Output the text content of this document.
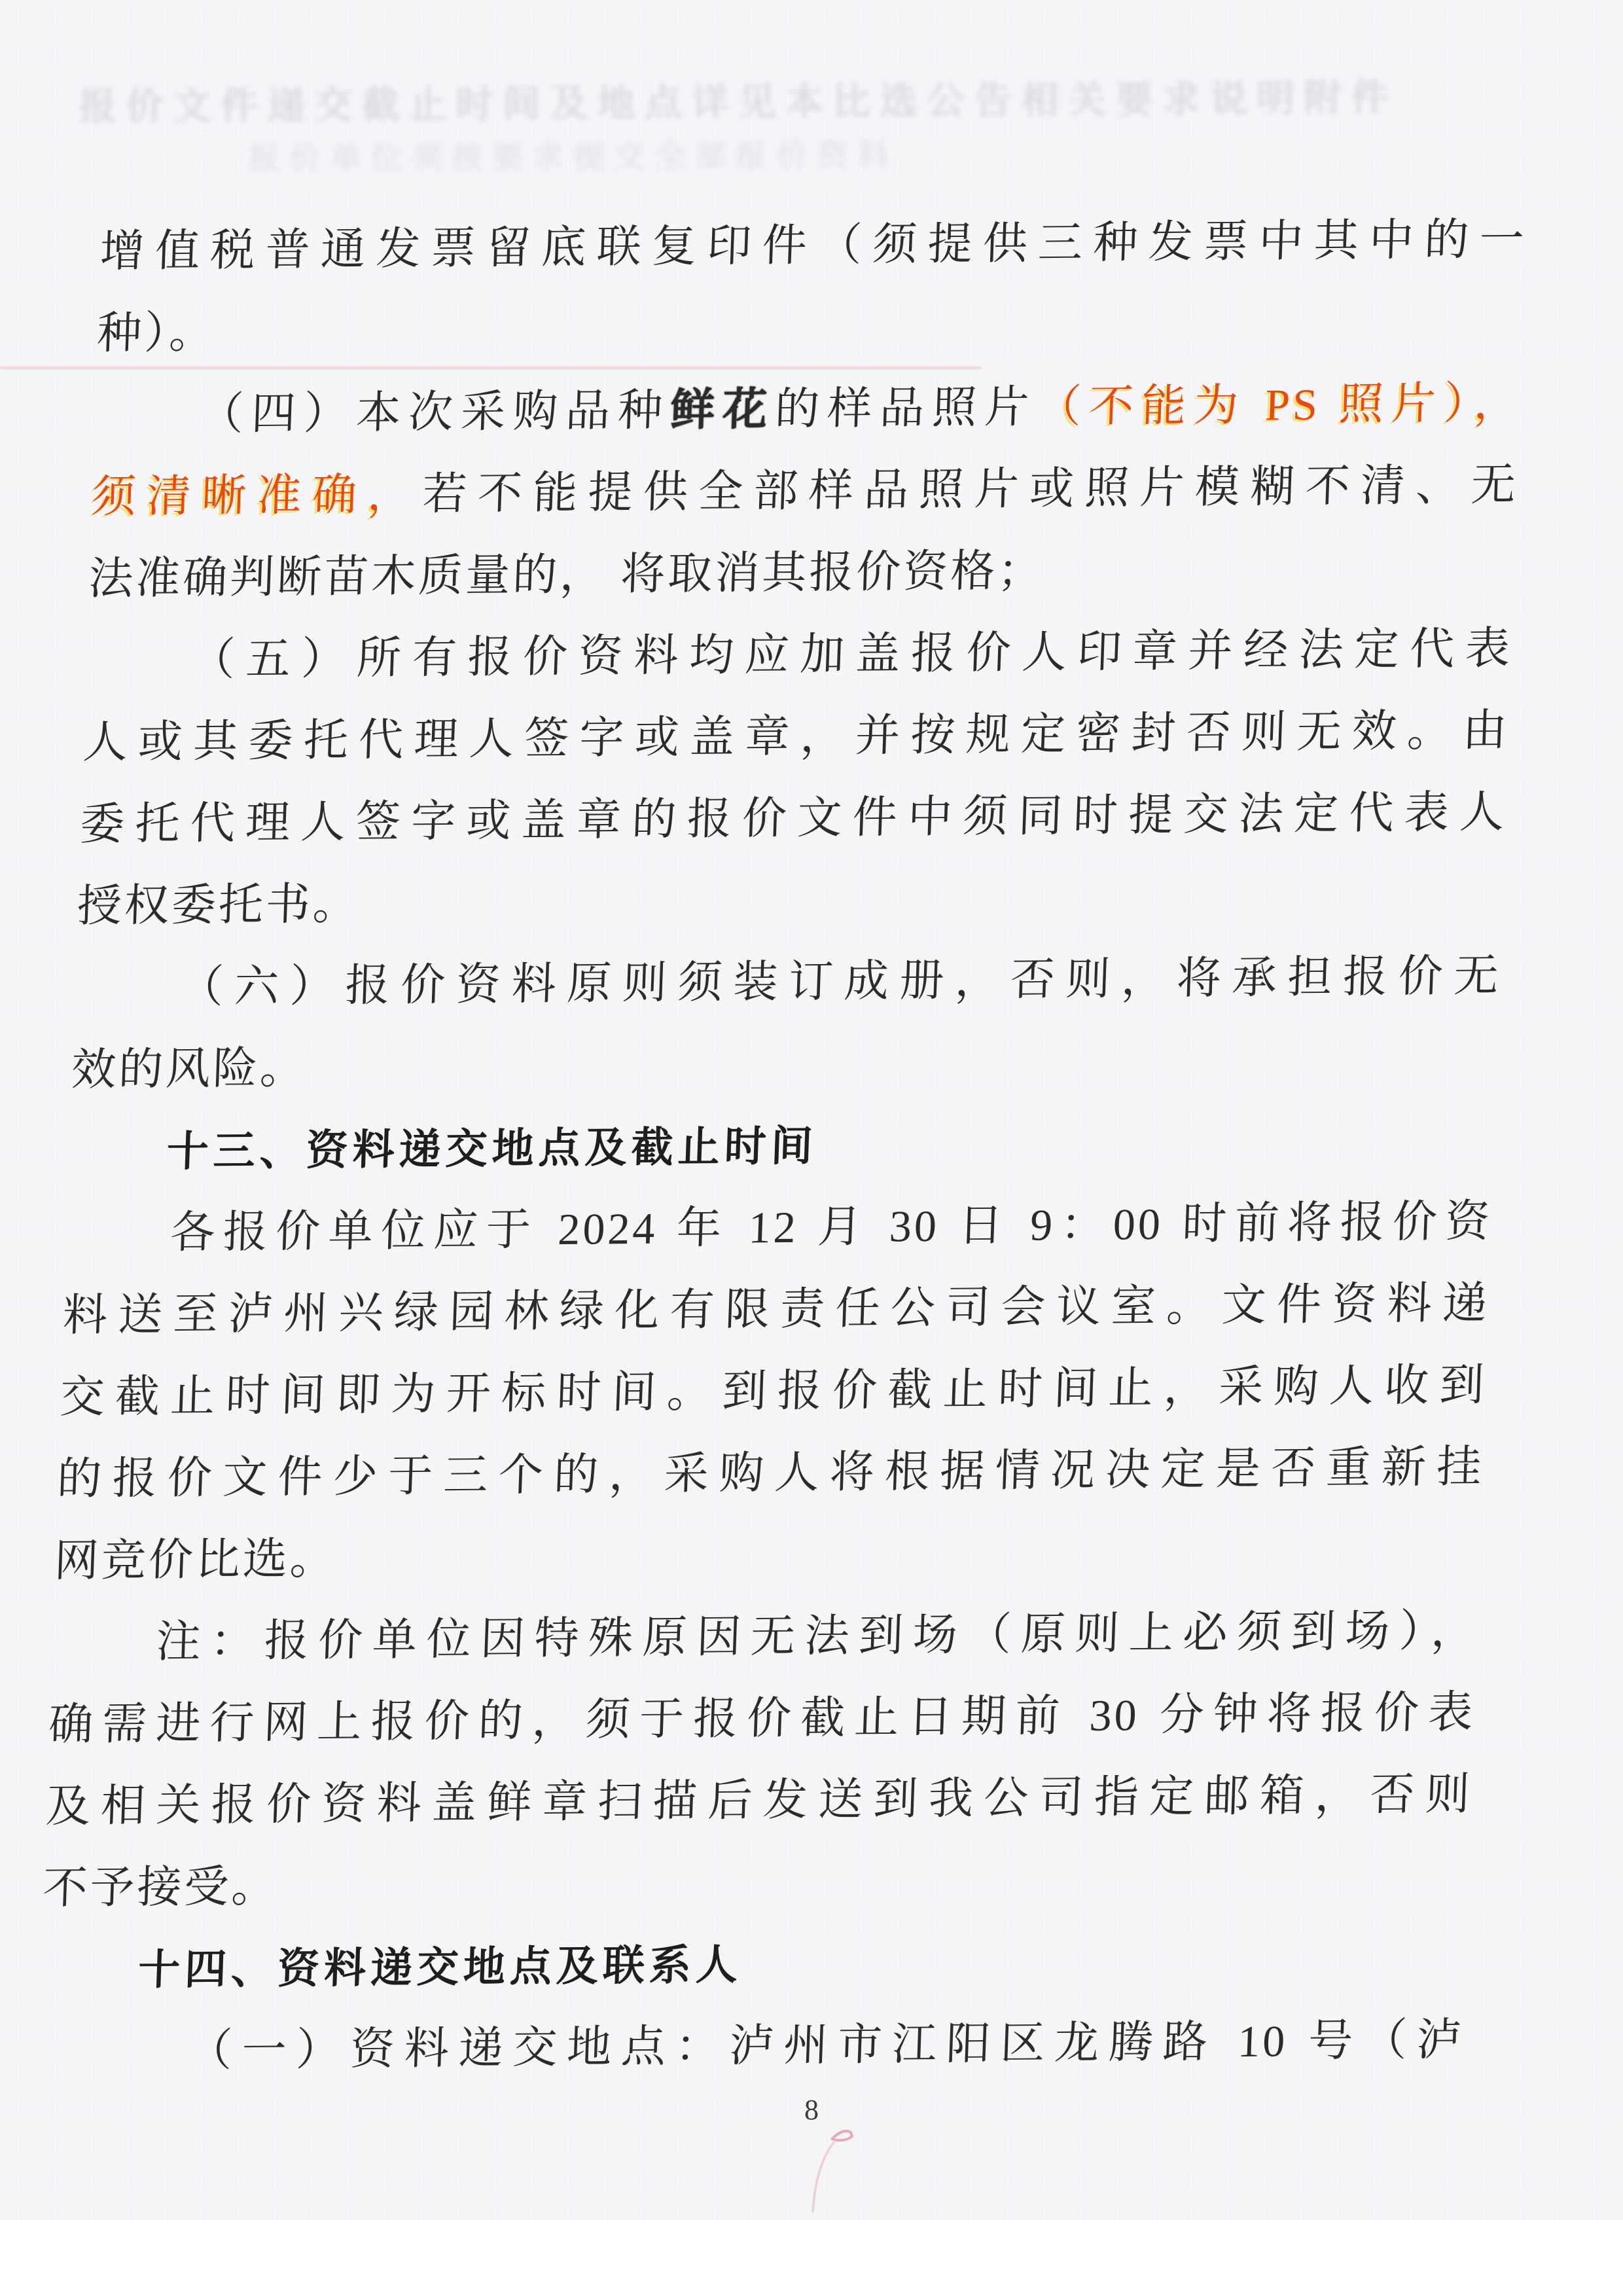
报价文件递交截止时间及地点详见本比选公告相关要求说明附件
报价单位须按要求提交全部报价资料
增值税普通发票留底联复印件（须提供三种发票中其中的一
种）。
（四）本次采购品种鲜花的样品照片（不能为 PS 照片），
须清晰准确，若不能提供全部样品照片或照片模糊不清、无
法准确判断苗木质量的， 将取消其报价资格；
（五）所有报价资料均应加盖报价人印章并经法定代表
人或其委托代理人签字或盖章，并按规定密封否则无效。由
委托代理人签字或盖章的报价文件中须同时提交法定代表人
授权委托书。
（六）报价资料原则须装订成册，否则，将承担报价无
效的风险。
十三、资料递交地点及截止时间
各报价单位应于 2024 年 12 月 30 日 9：00 时前将报价资
料送至泸州兴绿园林绿化有限责任公司会议室。文件资料递
交截止时间即为开标时间。到报价截止时间止，采购人收到
的报价文件少于三个的，采购人将根据情况决定是否重新挂
网竞价比选。
注：报价单位因特殊原因无法到场（原则上必须到场），
确需进行网上报价的，须于报价截止日期前 30 分钟将报价表
及相关报价资料盖鲜章扫描后发送到我公司指定邮箱，否则
不予接受。
十四、资料递交地点及联系人
（一）资料递交地点：泸州市江阳区龙腾路 10 号（泸
8
